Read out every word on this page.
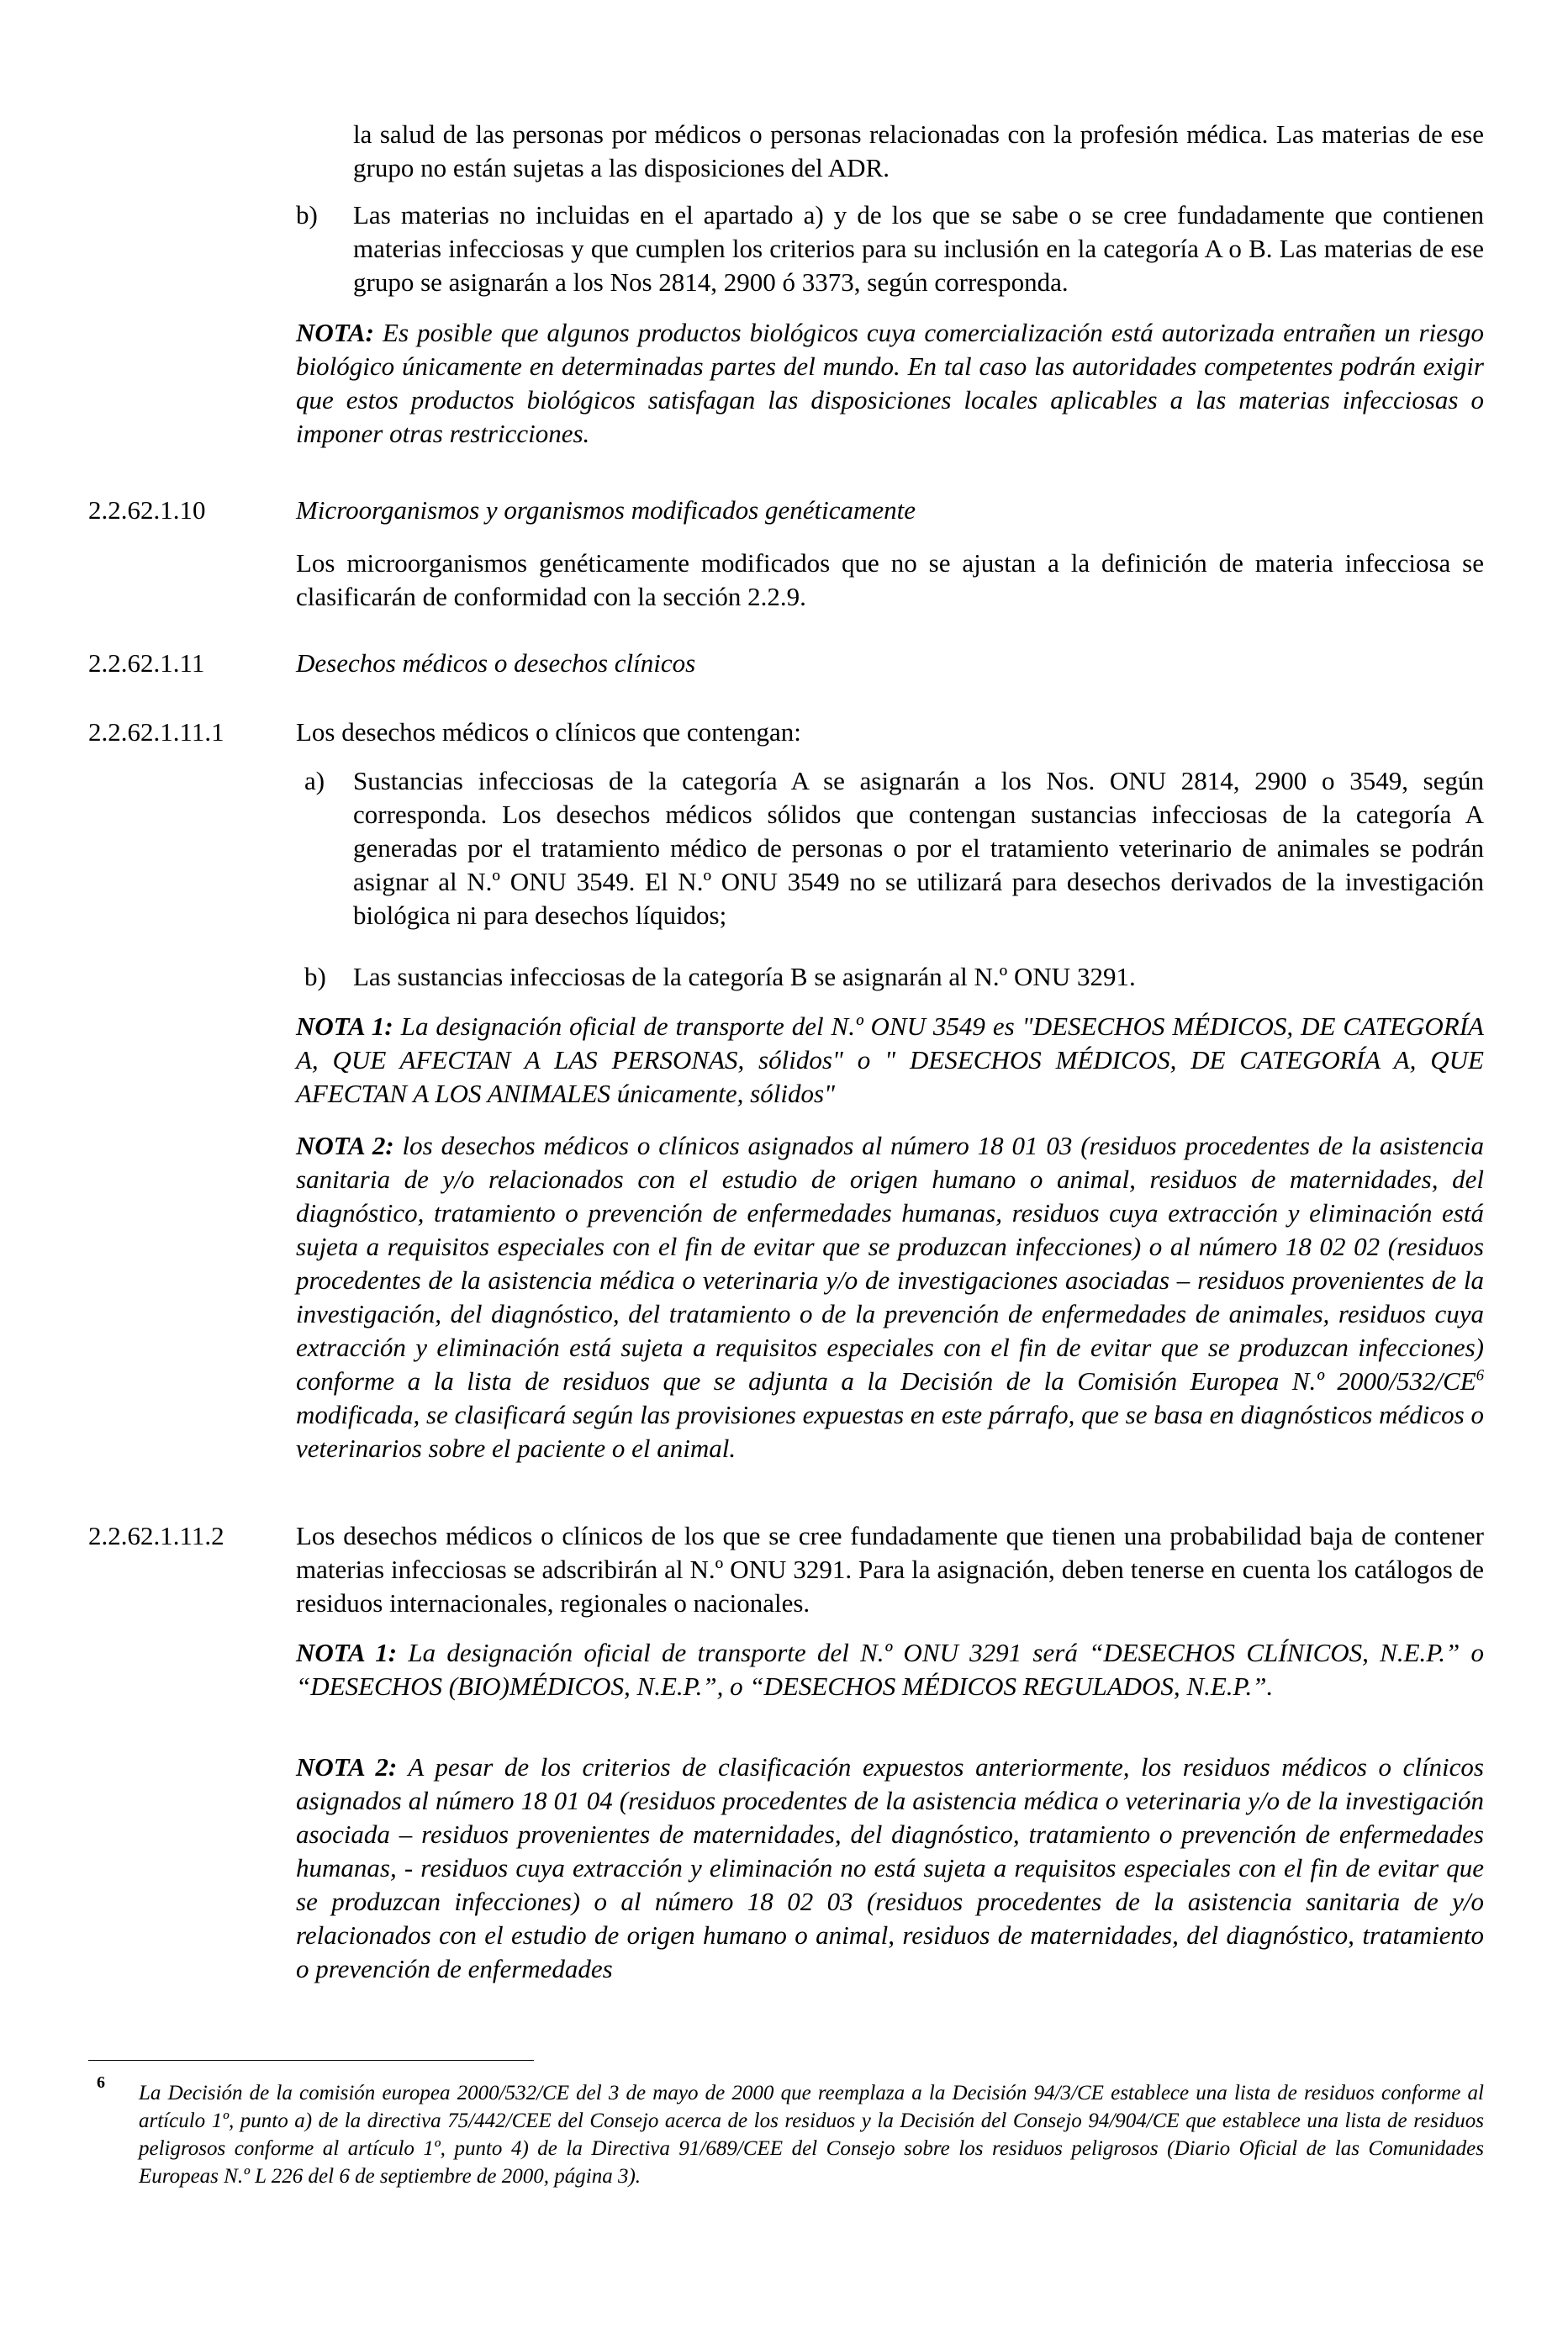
la salud de las personas por médicos o personas relacionadas con la profesión médica. Las materias de ese grupo no están sujetas a las disposiciones del ADR.

b) Las materias no incluidas en el apartado a) y de los que se sabe o se cree fundadamente que contienen materias infecciosas y que cumplen los criterios para su inclusión en la categoría A o B. Las materias de ese grupo se asignarán a los Nos 2814, 2900 ó 3373, según corresponda.

NOTA: Es posible que algunos productos biológicos cuya comercialización está autorizada entrañen un riesgo biológico únicamente en determinadas partes del mundo. En tal caso las autoridades competentes podrán exigir que estos productos biológicos satisfagan las disposiciones locales aplicables a las materias infecciosas o imponer otras restricciones.

2.2.62.1.10	Microorganismos y organismos modificados genéticamente

Los microorganismos genéticamente modificados que no se ajustan a la definición de materia infecciosa se clasificarán de conformidad con la sección 2.2.9.

2.2.62.1.11	Desechos médicos o desechos clínicos
2.2.62.1.11.1	Los desechos médicos o clínicos que contengan:
a) Sustancias infecciosas de la categoría A se asignarán a los Nos. ONU 2814, 2900 o 3549, según corresponda. Los desechos médicos sólidos que contengan sustancias infecciosas de la categoría A generadas por el tratamiento médico de personas o por el tratamiento veterinario de animales se podrán asignar al N.º ONU 3549. El N.º ONU 3549 no se utilizará para desechos derivados de la investigación biológica ni para desechos líquidos;

b) Las sustancias infecciosas de la categoría B se asignarán al N.º ONU 3291.

NOTA 1: La designación oficial de transporte del N.º ONU 3549 es "DESECHOS MÉDICOS, DE CATEGORÍA A, QUE AFECTAN A LAS PERSONAS, sólidos" o " DESECHOS MÉDICOS, DE CATEGORÍA A, QUE AFECTAN A LOS ANIMALES únicamente, sólidos"

NOTA 2: los desechos médicos o clínicos asignados al número 18 01 03 (residuos procedentes de la asistencia sanitaria de y/o relacionados con el estudio de origen humano o animal, residuos de maternidades, del diagnóstico, tratamiento o prevención de enfermedades humanas, residuos cuya extracción y eliminación está sujeta a requisitos especiales con el fin de evitar que se produzcan infecciones) o al número 18 02 02 (residuos procedentes de la asistencia médica o veterinaria y/o de investigaciones asociadas – residuos provenientes de la investigación, del diagnóstico, del tratamiento o de la prevención de enfermedades de animales, residuos cuya extracción y eliminación está sujeta a requisitos especiales con el fin de evitar que se produzcan infecciones) conforme a la lista de residuos que se adjunta a la Decisión de la Comisión Europea N.º $2000/532/CE^6$ modificada, se clasificará según las provisiones expuestas en este párrafo, que se basa en diagnósticos médicos o veterinarios sobre el paciente o el animal.

2.2.62.1.11.2	Los desechos médicos o clínicos de los que se cree fundadamente que tienen una probabilidad baja de contener materias infecciosas se adscribirán al N.º ONU 3291. Para la asignación, deben tenerse en cuenta los catálogos de residuos internacionales, regionales o nacionales.

NOTA 1: La designación oficial de transporte del N.º ONU 3291 será “DESECHOS CLÍNICOS, N.E.P.” o “DESECHOS (BIO)MÉDICOS, N.E.P.”, o “DESECHOS MÉDICOS REGULADOS, N.E.P.”.

NOTA 2: A pesar de los criterios de clasificación expuestos anteriormente, los residuos médicos o clínicos asignados al número 18 01 04 (residuos procedentes de la asistencia médica o veterinaria y/o de la investigación asociada – residuos provenientes de maternidades, del diagnóstico, tratamiento o prevención de enfermedades humanas, - residuos cuya extracción y eliminación no está sujeta a requisitos especiales con el fin de evitar que se produzcan infecciones) o al número 18 02 03 (residuos procedentes de la asistencia sanitaria de y/o relacionados con el estudio de origen humano o animal, residuos de maternidades, del diagnóstico, tratamiento o prevención de enfermedades

6 La Decisión de la comisión europea 2000/532/CE del 3 de mayo de 2000 que reemplaza a la Decisión 94/3/CE establece una lista de residuos conforme al artículo 1º, punto a) de la directiva 75/442/CEE del Consejo acerca de los residuos y la Decisión del Consejo 94/904/CE que establece una lista de residuos peligrosos conforme al artículo 1º, punto 4) de la Directiva 91/689/CEE del Consejo sobre los residuos peligrosos (Diario Oficial de las Comunidades Europeas N.º L 226 del 6 de septiembre de 2000, página 3).
